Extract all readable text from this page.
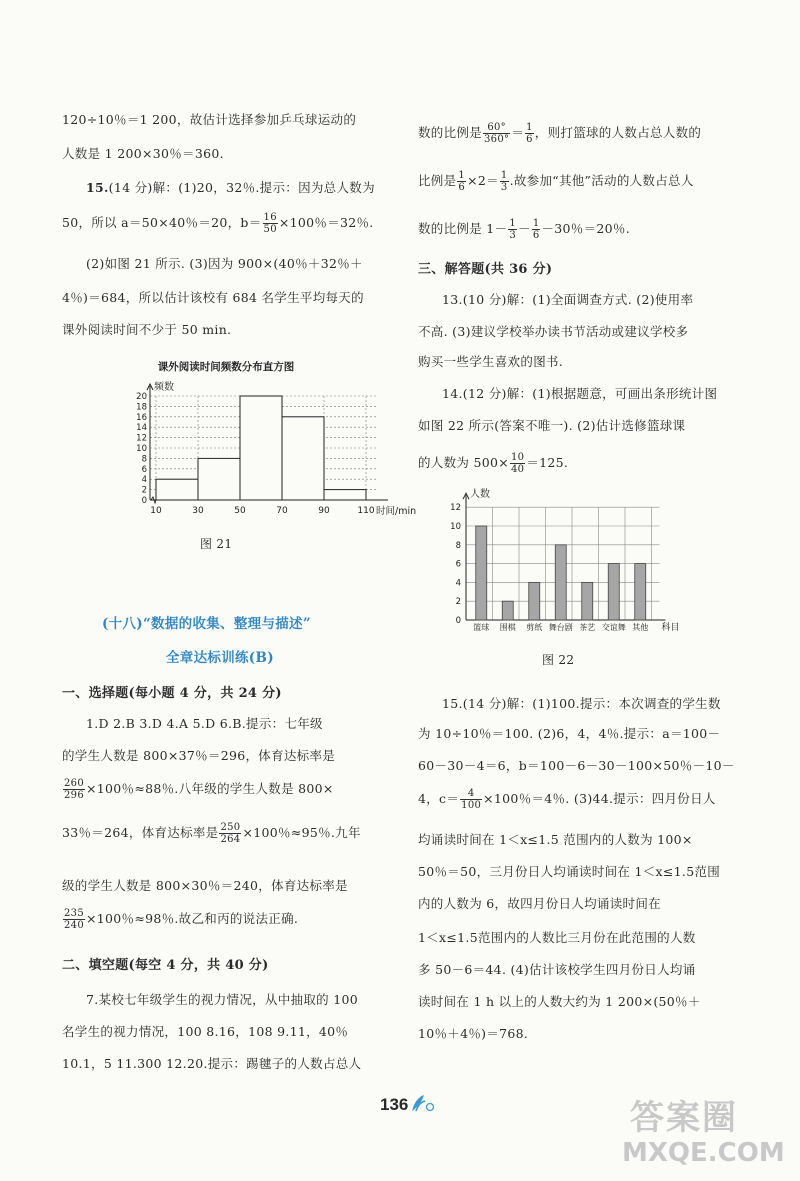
120÷10％＝1 200，故估计选择参加乒乓球运动的
人数是 1 200×30％＝360.
15.(14 分)解：(1)20，32％.提示：因为总人数为
50，所以 a＝50×40％＝20，$b= \frac{16}{50} \times 100$％＝32％.
(2)如图 21 所示. (3)因为 900×(40％＋32％＋
4％)＝684，所以估计该校有 684 名学生平均每天的
课外阅读时间不少于 50 min.
课外阅读时间频数分布直方图
频数
时间/min
0
2
4
6
8
10
12
14
16
18
20
10	30	50	70	90	110
图 21
(十八)“数据的收集、整理与描述”
全章达标训练(B)
一、选择题(每小题 4 分，共 24 分)
1.D 2.B 3.D 4.A 5.D 6.B.提示：七年级
的学生人数是 800×37％＝296，体育达标率是
$\frac{260}{296} \times 100$％≈88％.八年级的学生人数是 800×
33％＝264，体育达标率是 $\frac{250}{264} \times 100$％≈95％.九年
级的学生人数是 800×30％＝240，体育达标率是
$\frac{235}{240} \times 100$％≈98％.故乙和丙的说法正确.
二、填空题(每空 4 分，共 40 分)
7.某校七年级学生的视力情况，从中抽取的 100
名学生的视力情况，100 8.16，108 9.11，40％
10.1，5 11.300 12.20.提示：踢毽子的人数占总人
数的比例是 $\frac{60^\circ}{360^\circ} = \frac{1}{6}$ ，则打篮球的人数占总人数的
比例是 $\frac{1}{6} \times 2= \frac{1}{3}$ .故参加“其他”活动的人数占总人
数的比例是 $1- \frac{1}{3} - \frac{1}{6} -30$％＝20％.
三、解答题(共 36 分)
13.(10 分)解：(1)全面调查方式. (2)使用率
不高. (3)建议学校举办读书节活动或建议学校多
购买一些学生喜欢的图书.
14.(12 分)解：(1)根据题意，可画出条形统计图
如图 22 所示(答案不唯一). (2)估计选修篮球课
的人数为 $500\times \frac{10}{40} =125$.
人数
科目
0
2
4
6
8
10
12
篮球 围棋 剪纸 舞台剧 茶艺 交谊舞 其他
图 22
15.(14 分)解：(1)100.提示：本次调查的学生数
为 10÷10％＝100. (2)6，4，4％.提示：a＝100－
60－30－4＝6，b＝100－6－30－100×50％－10－
4，$c= \frac{4}{100} \times 100$％＝4％. (3)44.提示：四月份日人
均诵读时间在 1＜x≤1.5 范围内的人数为 100×
50％＝50，三月份日人均诵读时间在 1＜x≤1.5范围
内的人数为 6，故四月份日人均诵读时间在
1＜x≤1.5范围内的人数比三月份在此范围的人数
多 50－6＝44. (4)估计该校学生四月份日人均诵
读时间在 1 h 以上的人数大约为 1 200×(50％＋
10％＋4％)＝768.
136	答案圈
MXQE.COM
